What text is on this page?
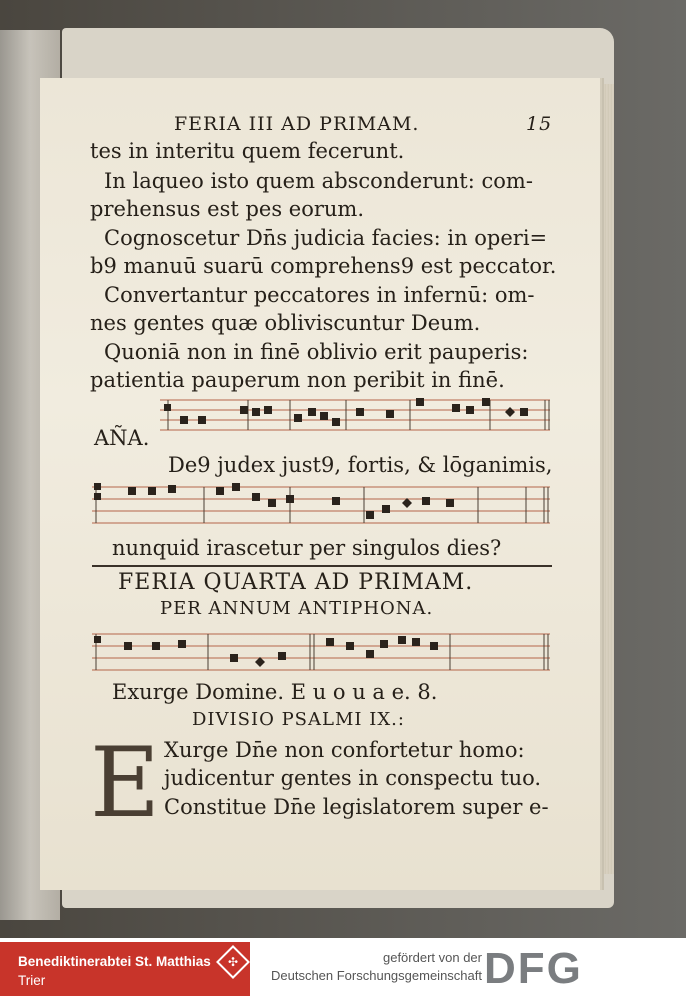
FERIA III AD PRIMAM.	15
tes in interitu quem fecerunt.
In laqueo isto quem absconderunt: com-
prehensus est pes eorum.
Cognoscetur Dn̄s judicia facies: in operi=
b9 manuū suarū comprehens9 est peccator.
Convertantur peccatores in infernū: om-
nes gentes quæ obliviscuntur Deum.
Quoniā non in finē oblivio erit pauperis:
patientia pauperum non peribit in finē.
AÑA.
De9 judex just9, fortis, & lōganimis,
nunquid irascetur per singulos dies?
FERIA QUARTA AD PRIMAM.
PER ANNUM ANTIPHONA.
Exurge Domine. E u o u a e. 8.
DIVISIO PSALMI IX.:
E Xurge Dn̄e non confortetur homo:
judicentur gentes in conspectu tuo.
Constitue Dn̄e legislatorem super e-
Benediktinerabtei St. Matthias
Trier
✣	gefördert von der
Deutschen Forschungsgemeinschaft DFG
